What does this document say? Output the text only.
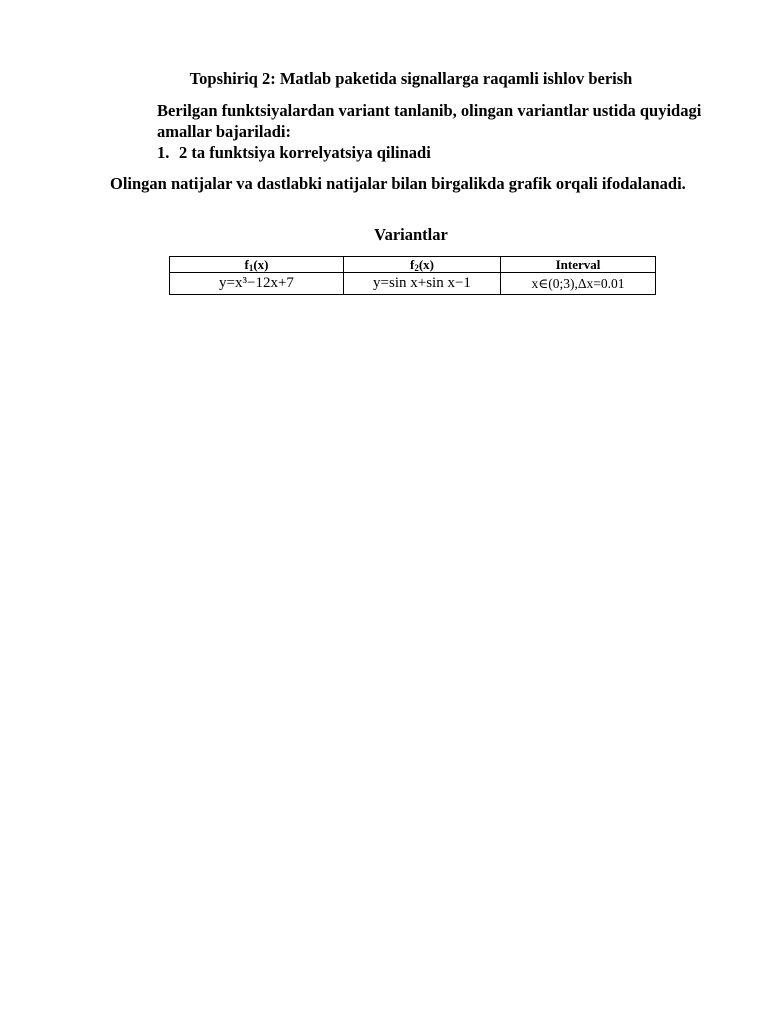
Topshiriq 2: Matlab paketida signallarga raqamli ishlov berish

Berilgan funktsiyalardan variant tanlanib, olingan variantlar ustida quyidagi amallar bajariladi:

1. 2 ta funktsiya korrelyatsiya qilinadi

Olingan natijalar va dastlabki natijalar bilan birgalikda grafik orqali ifodalanadi.

Variantlar

$f_1(x)$	$f_2(x)$	Interval
y=x³−12x+7	y=sin x+sin x−1	x∈(0;3),Δx=0.01
